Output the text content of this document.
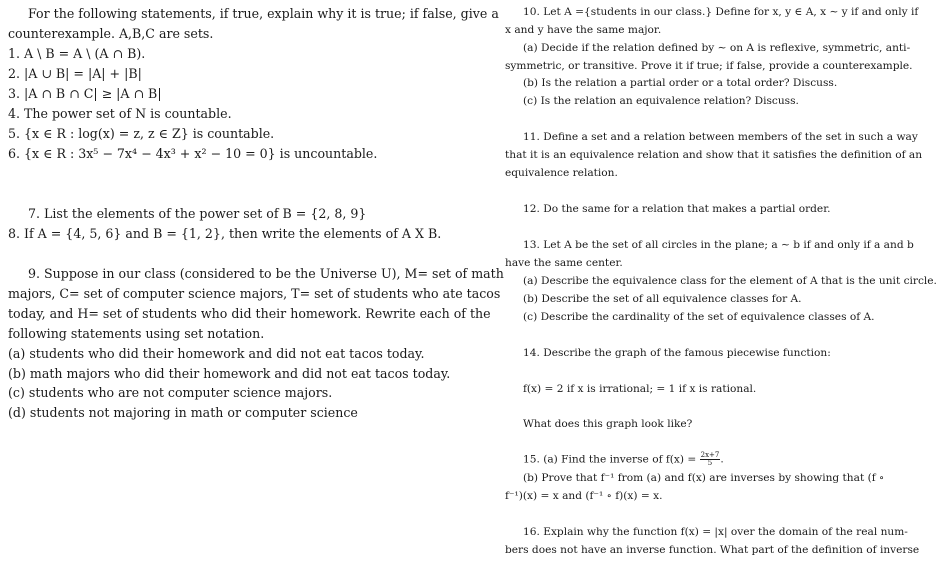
For the following statements, if true, explain why it is true; if false, give a
counterexample. A,B,C are sets.
1. A \ B = A \ (A ∩ B).
2. |A ∪ B| = |A| + |B|
3. |A ∩ B ∩ C| ≥ |A ∩ B|
4. The power set of N is countable.
5. {x ∈ R : log(x) = z, z ∈ Z} is countable.
6. {x ∈ R : 3x⁵ − 7x⁴ − 4x³ + x² − 10 = 0} is uncountable.
7. List the elements of the power set of B = {2, 8, 9}
8. If A = {4, 5, 6} and B = {1, 2}, then write the elements of A X B.
9. Suppose in our class (considered to be the Universe U), M= set of math
majors, C= set of computer science majors, T= set of students who ate tacos
today, and H= set of students who did their homework. Rewrite each of the
following statements using set notation.
(a) students who did their homework and did not eat tacos today.
(b) math majors who did their homework and did not eat tacos today.
(c) students who are not computer science majors.
(d) students not majoring in math or computer science
10. Let A ={students in our class.} Define for x, y ∈ A, x ∼ y if and only if
x and y have the same major.
(a) Decide if the relation defined by ∼ on A is reflexive, symmetric, anti-
symmetric, or transitive. Prove it if true; if false, provide a counterexample.
(b) Is the relation a partial order or a total order? Discuss.
(c) Is the relation an equivalence relation? Discuss.
11. Define a set and a relation between members of the set in such a way
that it is an equivalence relation and show that it satisfies the definition of an
equivalence relation.
12. Do the same for a relation that makes a partial order.
13. Let A be the set of all circles in the plane; a ∼ b if and only if a and b
have the same center.
(a) Describe the equivalence class for the element of A that is the unit circle.
(b) Describe the set of all equivalence classes for A.
(c) Describe the cardinality of the set of equivalence classes of A.
14. Describe the graph of the famous piecewise function:
f(x) = 2 if x is irrational; = 1 if x is rational.
What does this graph look like?
15. (a) Find the inverse of $f(x) = \frac{2x+7}{5}$ .
(b) Prove that f⁻¹ from (a) and f(x) are inverses by showing that (f ∘
f⁻¹)(x) = x and (f⁻¹ ∘ f)(x) = x.
16. Explain why the function f(x) = |x| over the domain of the real num-
bers does not have an inverse function. What part of the definition of inverse
